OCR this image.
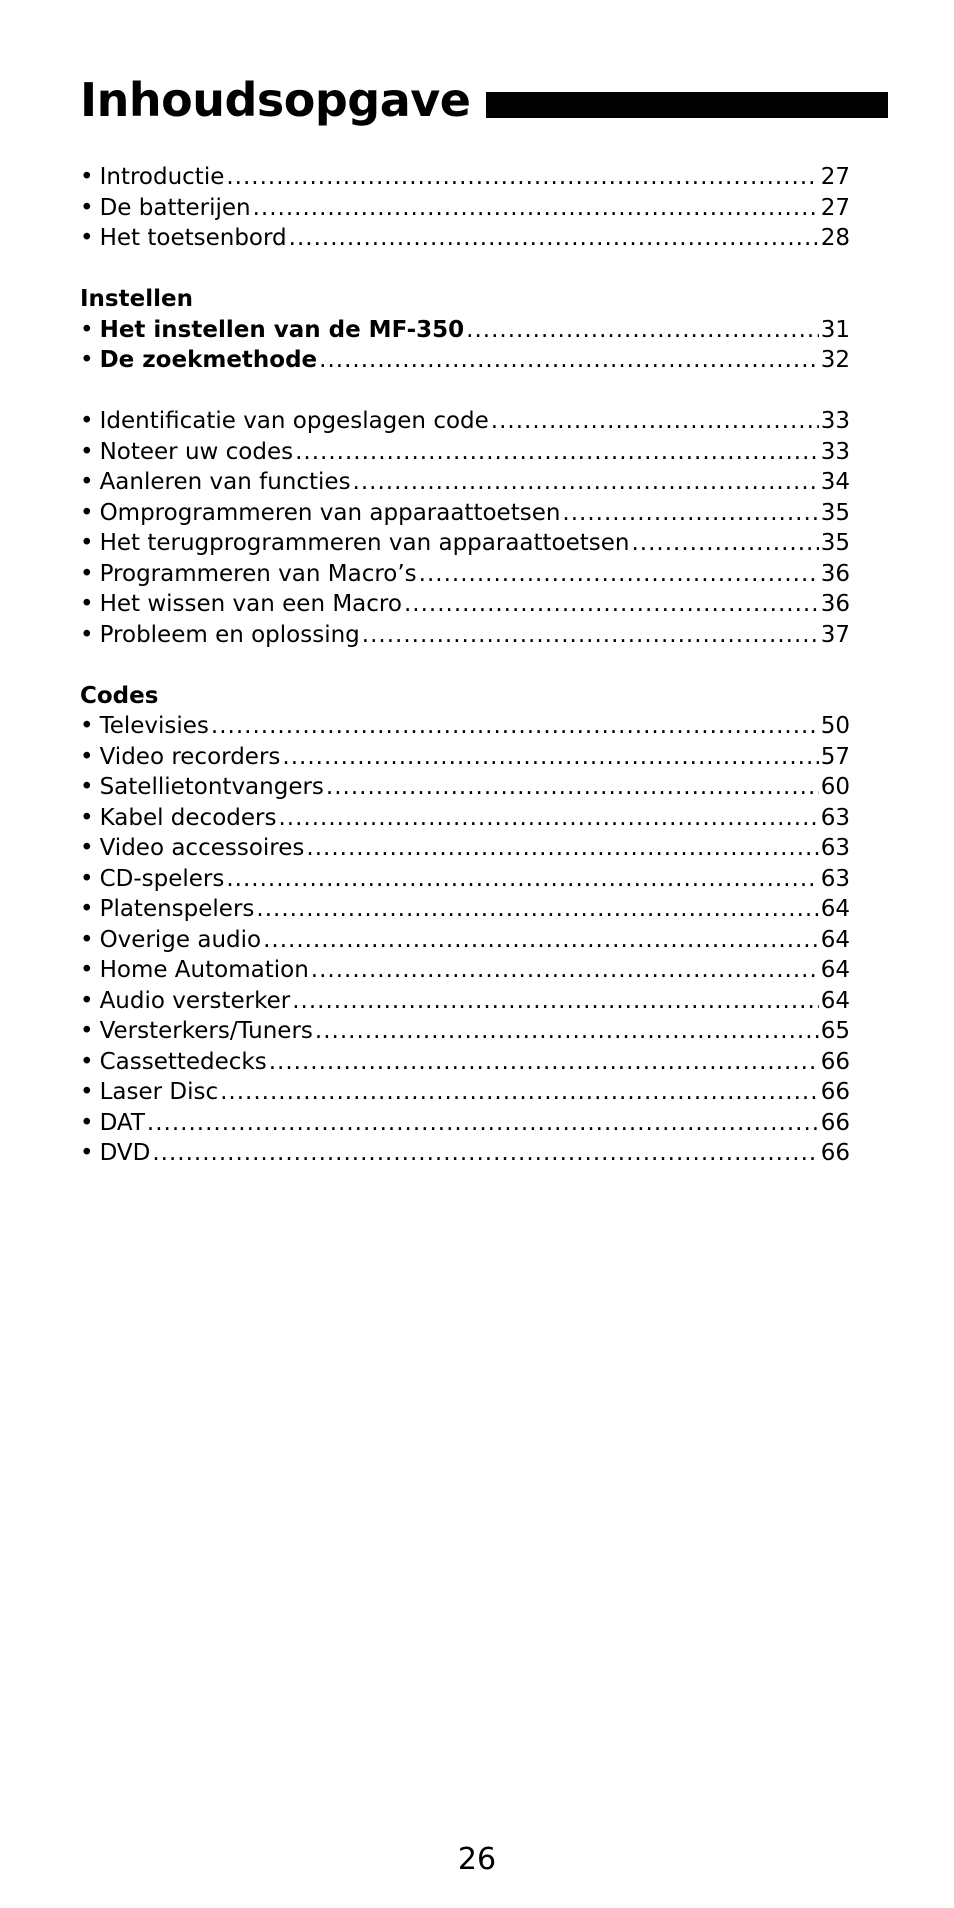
Inhoudsopgave
• Introductie .....	27
• De batterijen .....	27
• Het toetsenbord .....	28
Instellen
• Het instellen van de MF-350 .....	31
• De zoekmethode .....	32
• Identificatie van opgeslagen code .....	33
• Noteer uw codes .....	33
• Aanleren van functies .....	34
• Omprogrammeren van apparaattoetsen .....	35
• Het terugprogrammeren van apparaattoetsen .....	35
• Programmeren van Macro’s .....	36
• Het wissen van een Macro .....	36
• Probleem en oplossing .....	37
Codes
• Televisies .....	50
• Video recorders .....	57
• Satellietontvangers .....	60
• Kabel decoders .....	63
• Video accessoires .....	63
• CD-spelers .....	63
• Platenspelers .....	64
• Overige audio .....	64
• Home Automation .....	64
• Audio versterker .....	64
• Versterkers/Tuners .....	65
• Cassettedecks .....	66
• Laser Disc .....	66
• DAT .....	66
• DVD .....	66
26
